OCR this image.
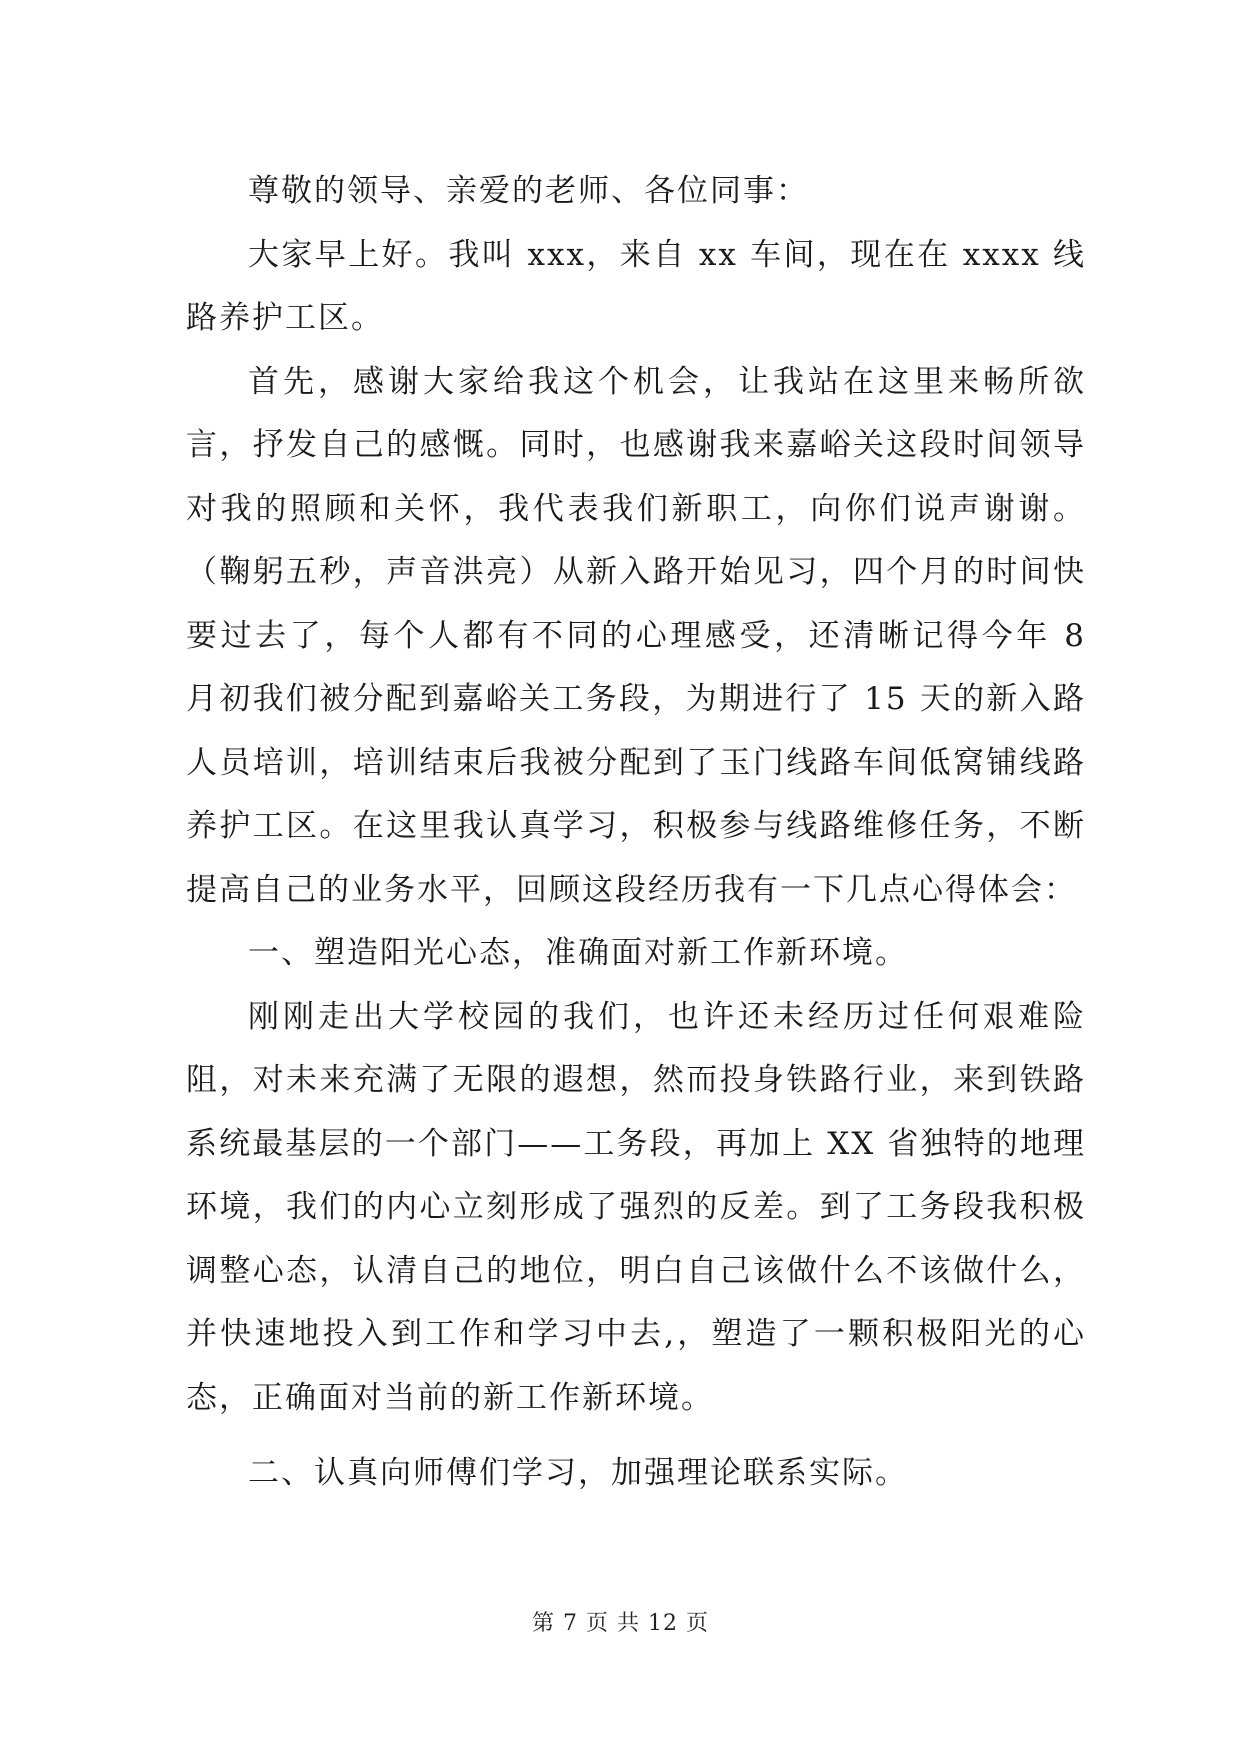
尊敬的领导、亲爱的老师、各位同事：

大家早上好。我叫 xxx，来自 xx 车间，现在在 xxxx 线路养护工区。

首先，感谢大家给我这个机会，让我站在这里来畅所欲言，抒发自己的感慨。同时，也感谢我来嘉峪关这段时间领导对我的照顾和关怀，我代表我们新职工，向你们说声谢谢。（鞠躬五秒，声音洪亮）从新入路开始见习，四个月的时间快要过去了，每个人都有不同的心理感受，还清晰记得今年 8 月初我们被分配到嘉峪关工务段，为期进行了 15 天的新入路人员培训，培训结束后我被分配到了玉门线路车间低窝铺线路养护工区。在这里我认真学习，积极参与线路维修任务，不断提高自己的业务水平，回顾这段经历我有一下几点心得体会：

一、塑造阳光心态，准确面对新工作新环境。

刚刚走出大学校园的我们，也许还未经历过任何艰难险阻，对未来充满了无限的遐想，然而投身铁路行业，来到铁路系统最基层的一个部门——工务段，再加上 XX 省独特的地理环境，我们的内心立刻形成了强烈的反差。到了工务段我积极调整心态，认清自己的地位，明白自己该做什么不该做什么，并快速地投入到工作和学习中去,，塑造了一颗积极阳光的心态，正确面对当前的新工作新环境。

二、认真向师傅们学习，加强理论联系实际。

第 7 页 共 12 页
